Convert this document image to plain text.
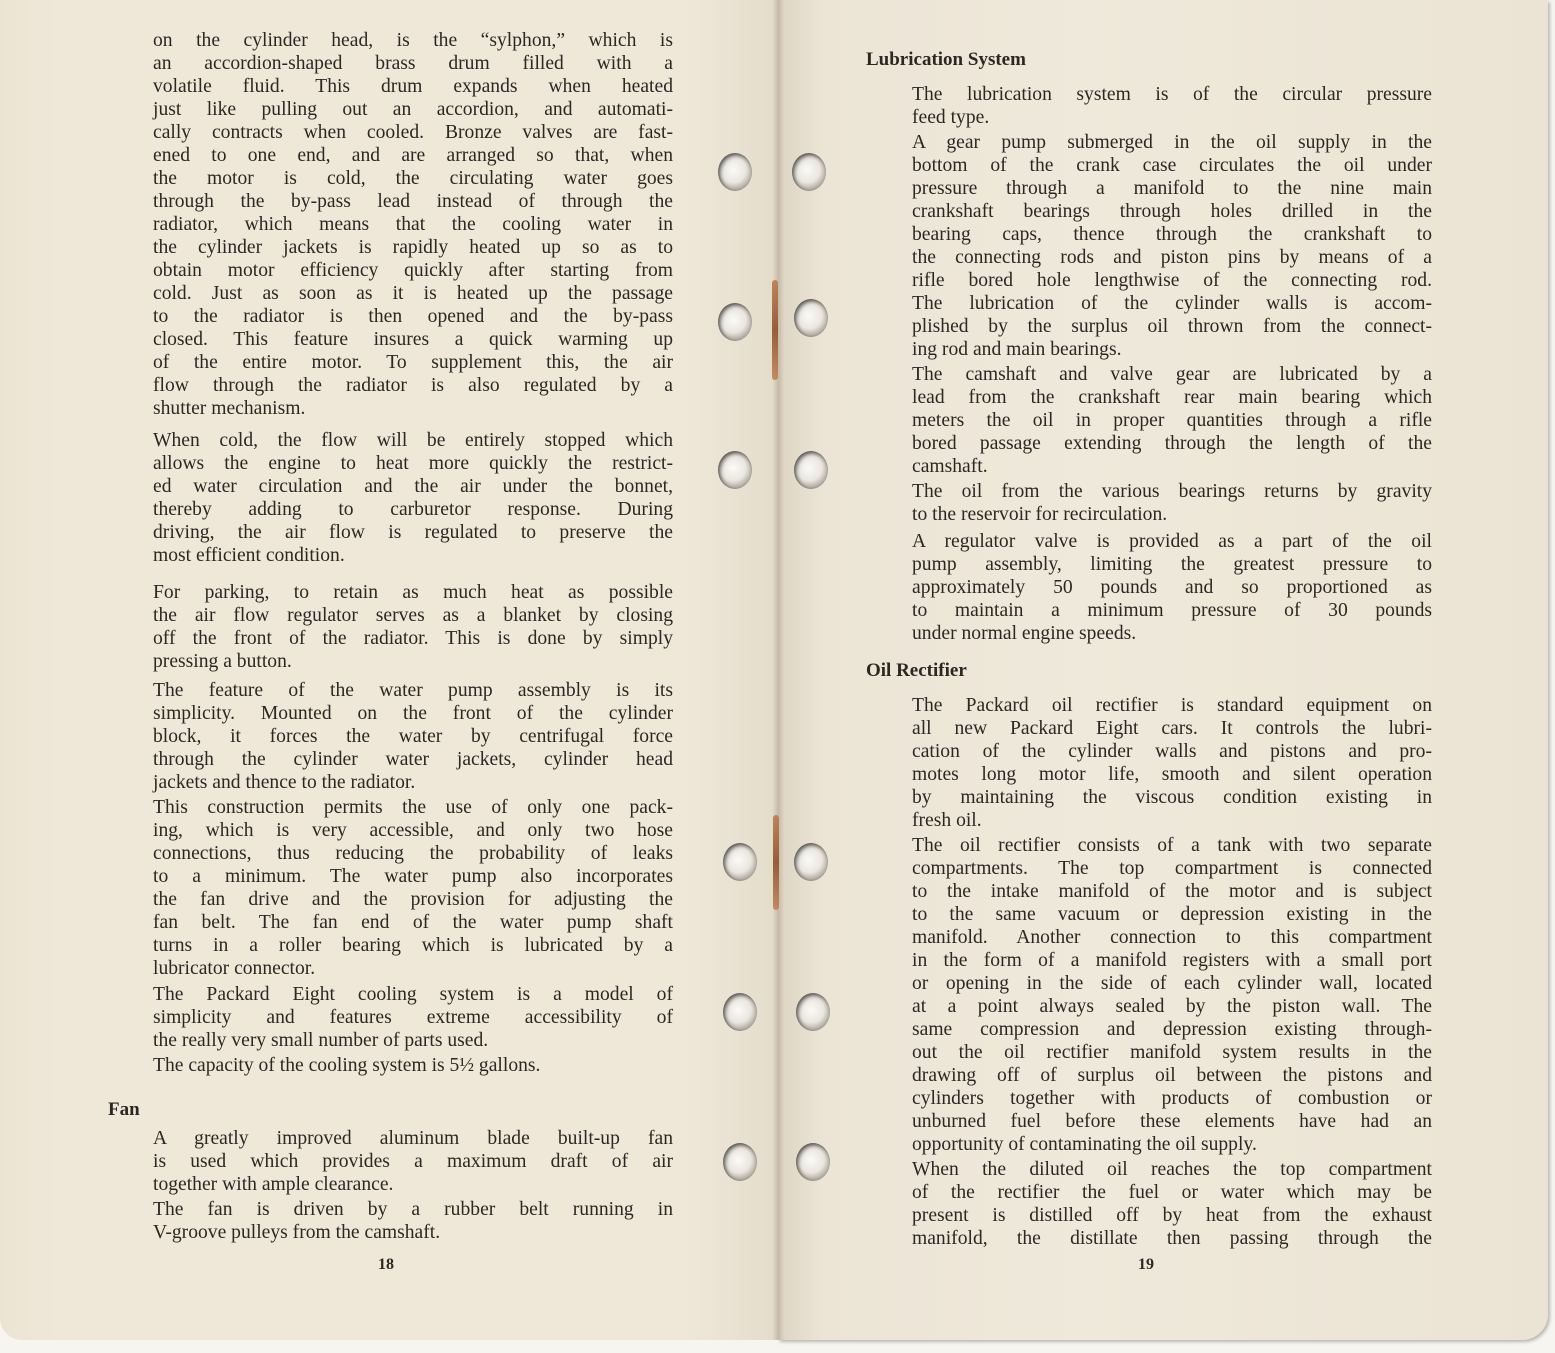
on the cylinder head, is the “sylphon,” which is
an accordion-shaped brass drum filled with a
volatile fluid. This drum expands when heated
just like pulling out an accordion, and automati-
cally contracts when cooled. Bronze valves are fast-
ened to one end, and are arranged so that, when
the motor is cold, the circulating water goes
through the by-pass lead instead of through the
radiator, which means that the cooling water in
the cylinder jackets is rapidly heated up so as to
obtain motor efficiency quickly after starting from
cold. Just as soon as it is heated up the passage
to the radiator is then opened and the by-pass
closed. This feature insures a quick warming up
of the entire motor. To supplement this, the air
flow through the radiator is also regulated by a
shutter mechanism.
When cold, the flow will be entirely stopped which
allows the engine to heat more quickly the restrict-
ed water circulation and the air under the bonnet,
thereby adding to carburetor response. During
driving, the air flow is regulated to preserve the
most efficient condition.
For parking, to retain as much heat as possible
the air flow regulator serves as a blanket by closing
off the front of the radiator. This is done by simply
pressing a button.
The feature of the water pump assembly is its
simplicity. Mounted on the front of the cylinder
block, it forces the water by centrifugal force
through the cylinder water jackets, cylinder head
jackets and thence to the radiator.
This construction permits the use of only one pack-
ing, which is very accessible, and only two hose
connections, thus reducing the probability of leaks
to a minimum. The water pump also incorporates
the fan drive and the provision for adjusting the
fan belt. The fan end of the water pump shaft
turns in a roller bearing which is lubricated by a
lubricator connector.
The Packard Eight cooling system is a model of
simplicity and features extreme accessibility of
the really very small number of parts used.
The capacity of the cooling system is 5½ gallons.
Fan
A greatly improved aluminum blade built-up fan
is used which provides a maximum draft of air
together with ample clearance.
The fan is driven by a rubber belt running in
V-groove pulleys from the camshaft.
18
Lubrication System
The lubrication system is of the circular pressure
feed type.
A gear pump submerged in the oil supply in the
bottom of the crank case circulates the oil under
pressure through a manifold to the nine main
crankshaft bearings through holes drilled in the
bearing caps, thence through the crankshaft to
the connecting rods and piston pins by means of a
rifle bored hole lengthwise of the connecting rod.
The lubrication of the cylinder walls is accom-
plished by the surplus oil thrown from the connect-
ing rod and main bearings.
The camshaft and valve gear are lubricated by a
lead from the crankshaft rear main bearing which
meters the oil in proper quantities through a rifle
bored passage extending through the length of the
camshaft.
The oil from the various bearings returns by gravity
to the reservoir for recirculation.
A regulator valve is provided as a part of the oil
pump assembly, limiting the greatest pressure to
approximately 50 pounds and so proportioned as
to maintain a minimum pressure of 30 pounds
under normal engine speeds.
Oil Rectifier
The Packard oil rectifier is standard equipment on
all new Packard Eight cars. It controls the lubri-
cation of the cylinder walls and pistons and pro-
motes long motor life, smooth and silent operation
by maintaining the viscous condition existing in
fresh oil.
The oil rectifier consists of a tank with two separate
compartments. The top compartment is connected
to the intake manifold of the motor and is subject
to the same vacuum or depression existing in the
manifold. Another connection to this compartment
in the form of a manifold registers with a small port
or opening in the side of each cylinder wall, located
at a point always sealed by the piston wall. The
same compression and depression existing through-
out the oil rectifier manifold system results in the
drawing off of surplus oil between the pistons and
cylinders together with products of combustion or
unburned fuel before these elements have had an
opportunity of contaminating the oil supply.
When the diluted oil reaches the top compartment
of the rectifier the fuel or water which may be
present is distilled off by heat from the exhaust
manifold, the distillate then passing through the
19
